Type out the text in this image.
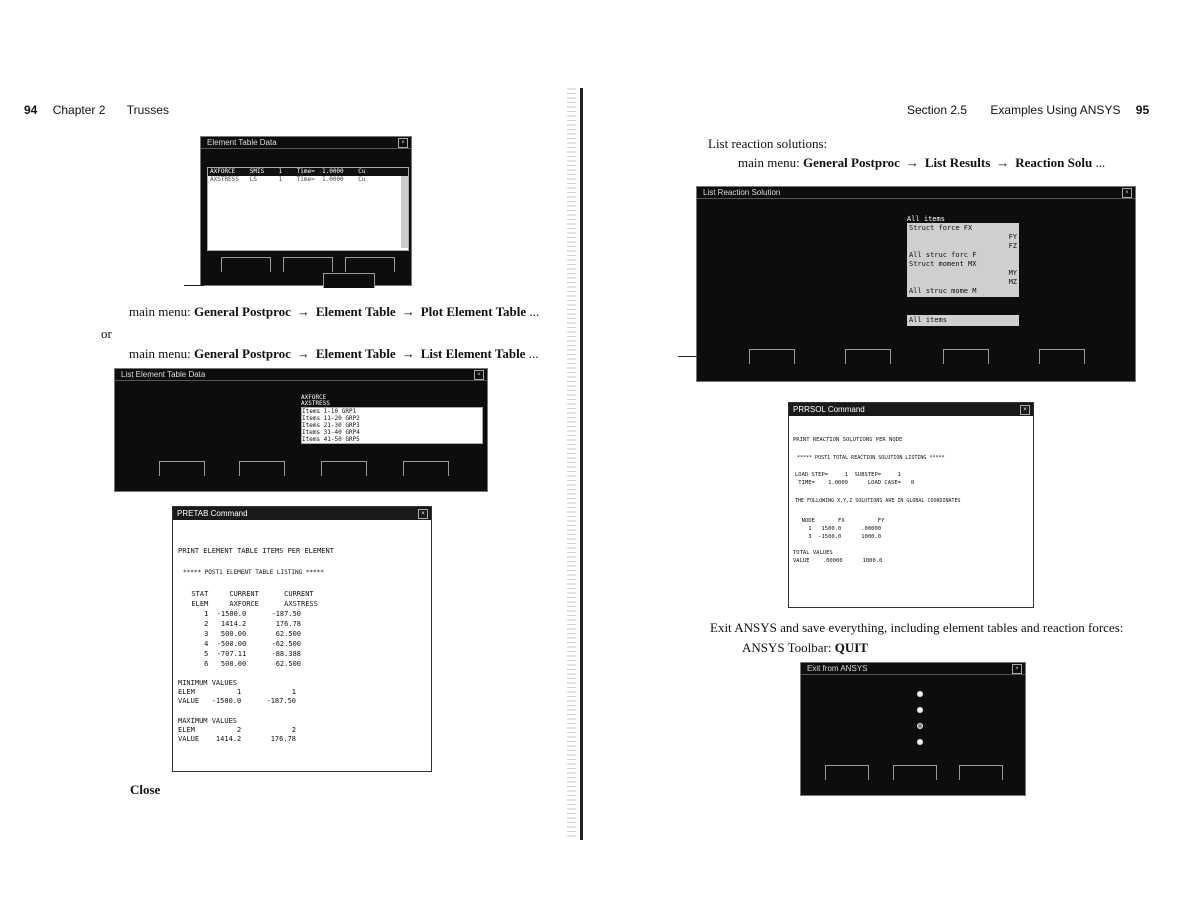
94 Chapter 2 Trusses	Section 2.5 Examples Using ANSYS 95
Element Table Data	×
AXFORCE    SMIS    1    Time=  1.0000    Cu
AXSTRESS   LS      1    Time=  1.0000    Cu
main menu: General Postproc → Element Table → Plot Element Table ...
or
main menu: General Postproc → Element Table → List Element Table ...
List Element Table Data	×
AXFORCE
AXSTRESS
Items 1-10 GRP1
Items 11-20 GRP2
Items 21-30 GRP3
Items 31-40 GRP4
Items 41-50 GRP5
PRETAB Command	×
PRINT ELEMENT TABLE ITEMS PER ELEMENT
***** POST1 ELEMENT TABLE LISTING *****
STAT     CURRENT      CURRENT
ELEM     AXFORCE      AXSTRESS
1  -1500.0      -187.50
2   1414.2       176.78
3   500.00       62.500
4  -500.00      -62.500
5  -707.11      -88.388
6   500.00       62.500
MINIMUM VALUES
ELEM          1            1
VALUE   -1500.0      -187.50
MAXIMUM VALUES
ELEM          2            2
VALUE    1414.2       176.78
Close
List reaction solutions:
main menu: General Postproc → List Results → Reaction Solu ...
List Reaction Solution	×
All items
Struct force FX
FY
FZ
All struc forc F
Struct moment MX
MY
MZ
All struc mome M
All items
PRRSOL Command	×
PRINT REACTION SOLUTIONS PER NODE
***** POST1 TOTAL REACTION SOLUTION LISTING *****
LOAD STEP=     1  SUBSTEP=     1
TIME=    1.0000      LOAD CASE=   0
THE FOLLOWING X,Y,Z SOLUTIONS ARE IN GLOBAL COORDINATES
NODE       FX          FY
1   1500.0      .00000
3  -1500.0      1000.0
TOTAL VALUES
VALUE    .00000      1000.0
Exit ANSYS and save everything, including element tables and reaction forces:
ANSYS Toolbar: QUIT
Exit from ANSYS	×
